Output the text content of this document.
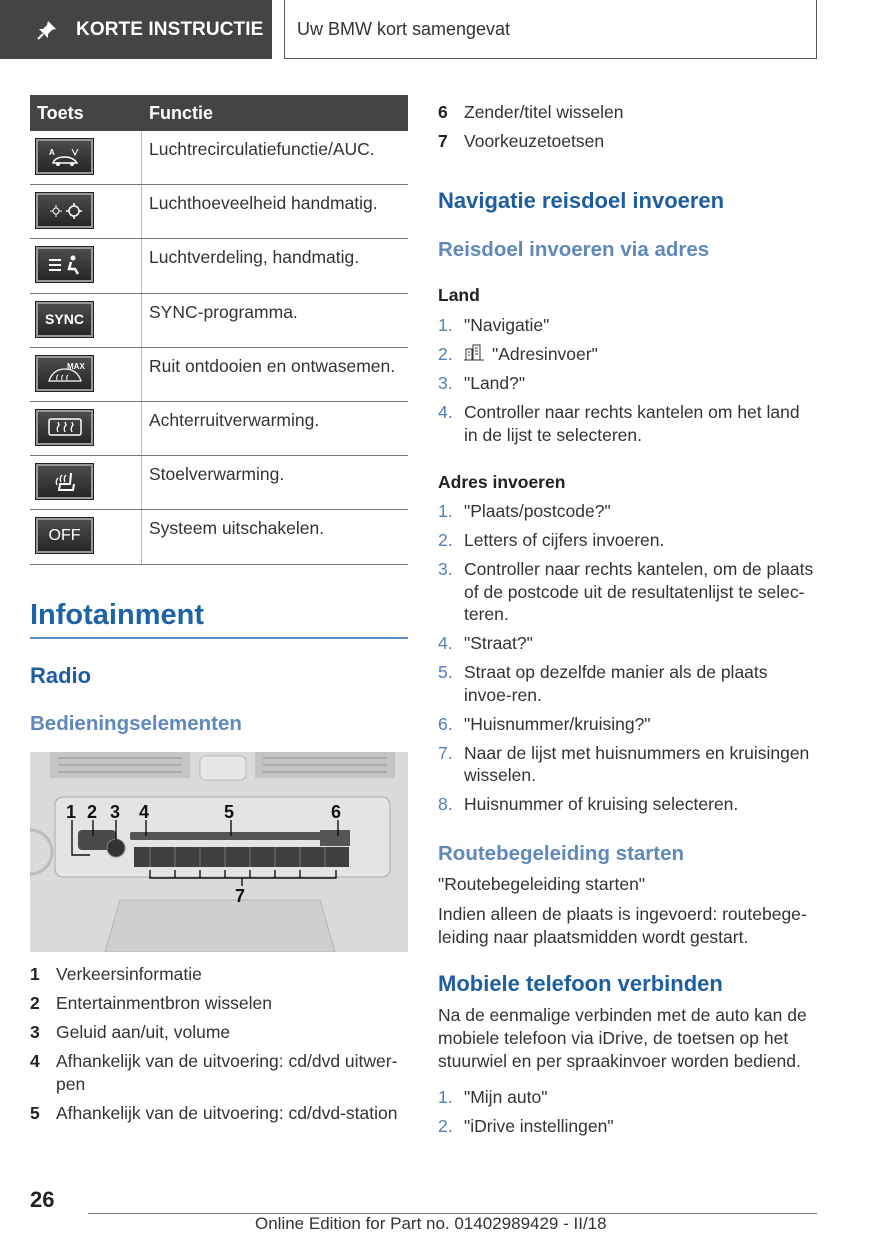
KORTE INSTRUCTIE	Uw BMW kort samengevat
Toets	Functie
A	Luchtrecirculatiefunctie/AUC.
Luchthoeveelheid handmatig.
Luchtverdeling, handmatig.
SYNC	SYNC-programma.
MAX	Ruit ontdooien en ontwasemen.
Achterruitverwarming.
Stoelverwarming.
OFF	Systeem uitschakelen.
Infotainment
Radio
Bedieningselementen
1 2 3 4	5	6
7
1 Verkeersinformatie
2 Entertainmentbron wisselen
3 Geluid aan/uit, volume
4 Afhankelijk van de uitvoering: cd/dvd uitwer-pen
5 Afhankelijk van de uitvoering: cd/dvd-station
6 Zender/titel wisselen
7 Voorkeuzetoetsen
Navigatie reisdoel invoeren
Reisdoel invoeren via adres
Land
1. "Navigatie"
2.	"Adresinvoer"
3. "Land?"
4. Controller naar rechts kantelen om het land in de lijst te selecteren.
Adres invoeren
1. "Plaats/postcode?"
2. Letters of cijfers invoeren.
3. Controller naar rechts kantelen, om de plaats of de postcode uit de resultatenlijst te selec-teren.
4. "Straat?"
5. Straat op dezelfde manier als de plaats invoe-ren.
6. "Huisnummer/kruising?"
7. Naar de lijst met huisnummers en kruisingen wisselen.
8. Huisnummer of kruising selecteren.
Routebegeleiding starten
"Routebegeleiding starten"
Indien alleen de plaats is ingevoerd: routebege-leiding naar plaatsmidden wordt gestart.
Mobiele telefoon verbinden
Na de eenmalige verbinden met de auto kan de mobiele telefoon via iDrive, de toetsen op het stuurwiel en per spraakinvoer worden bediend.
1. "Mijn auto"
2. "iDrive instellingen"
26
Online Edition for Part no. 01402989429 - II/18
